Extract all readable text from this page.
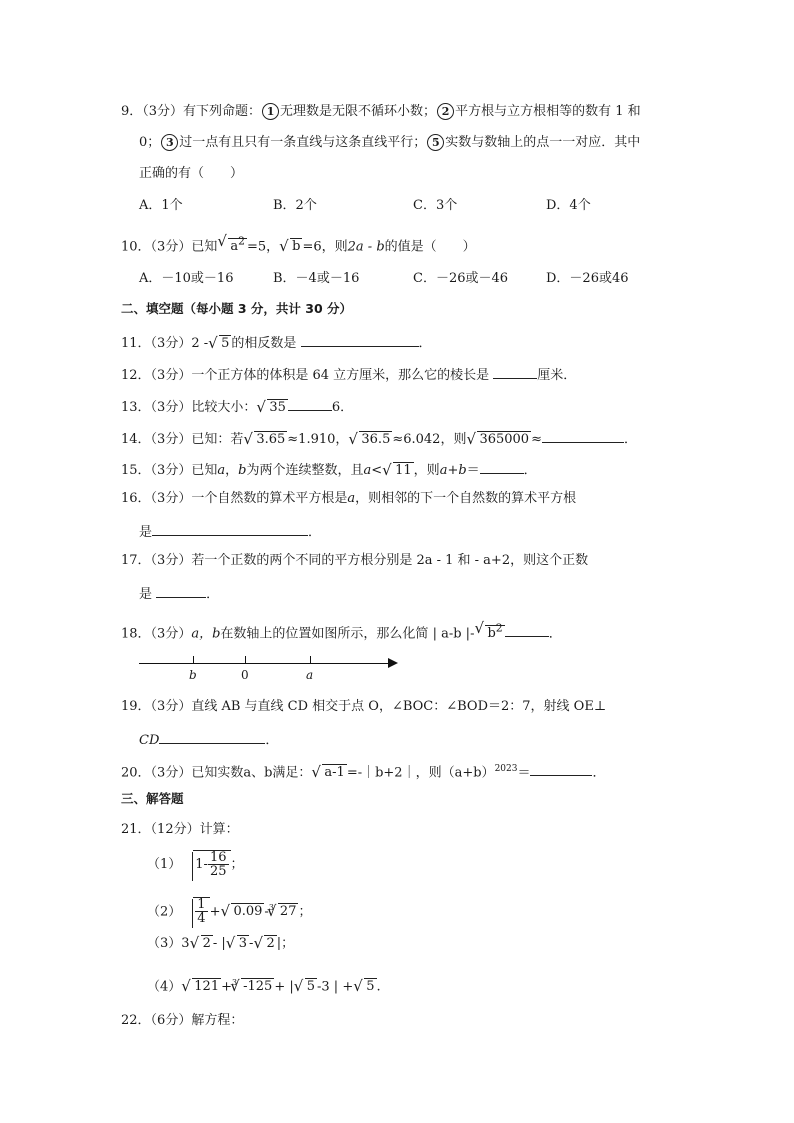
9．（3分）有下列命题： 1 无理数是无限不循环小数； 2 平方根与立方根相等的数有 1 和
0； 3 过一点有且只有一条直线与这条直线平行； 5 实数与数轴上的点一一对应．其中
正确的有（　　）
A．1个	B．2个	C．3个	D．4个
10．（3分）已知 √ $a^2 =5$， √ b =6，则2a - b的值是（　　）
A．－10或－16	B．－4或－16	C．－26或－46	D．－26或46
二、填空题（每小题 3 分，共计 30 分）
11．（3分）2 - √ 5 的相反数是	．
12．（3分）一个正方体的体积是 64 立方厘米，那么它的棱长是	厘米．
13．（3分）比较大小： √ 35	6．
14．（3分）已知：若 √ 3.65 ≈1.910， √ 36.5 ≈6.042，则 √ 365000 ≈	．
15．（3分）已知a，b为两个连续整数，且a< √ 11 ，则a+b＝	．
16．（3分）一个自然数的算术平方根是a，则相邻的下一个自然数的算术平方根
是	．
17．（3分）若一个正数的两个不同的平方根分别是 2a - 1 和 - a+2，则这个正数
是	．
18．（3分）a，b在数轴上的位置如图所示，那么化简 | a-b |- √ $b^2$	．
b	0	a
19．（3分）直线 AB 与直线 CD 相交于点 O，∠BOC：∠BOD＝2：7，射线 OE⊥
CD	．
20．（3分）已知实数a、b满足： √ a-1 =-｜b+2｜，则$(a+b)^{2023}=$	．
三、解答题
21．（12分）计算：
（1） $1- \frac{16}{25}$ ；
$(2) \frac{1}{4}$ + √ 0.09 -$^3$ √ 27 ；
（3）3 √ 2 - | √ 3 - √ 2 |；
（4） √ 121 +$^3$ √ -125 + | √ 5 -3 | + √ 5 .
22．（6分）解方程：
